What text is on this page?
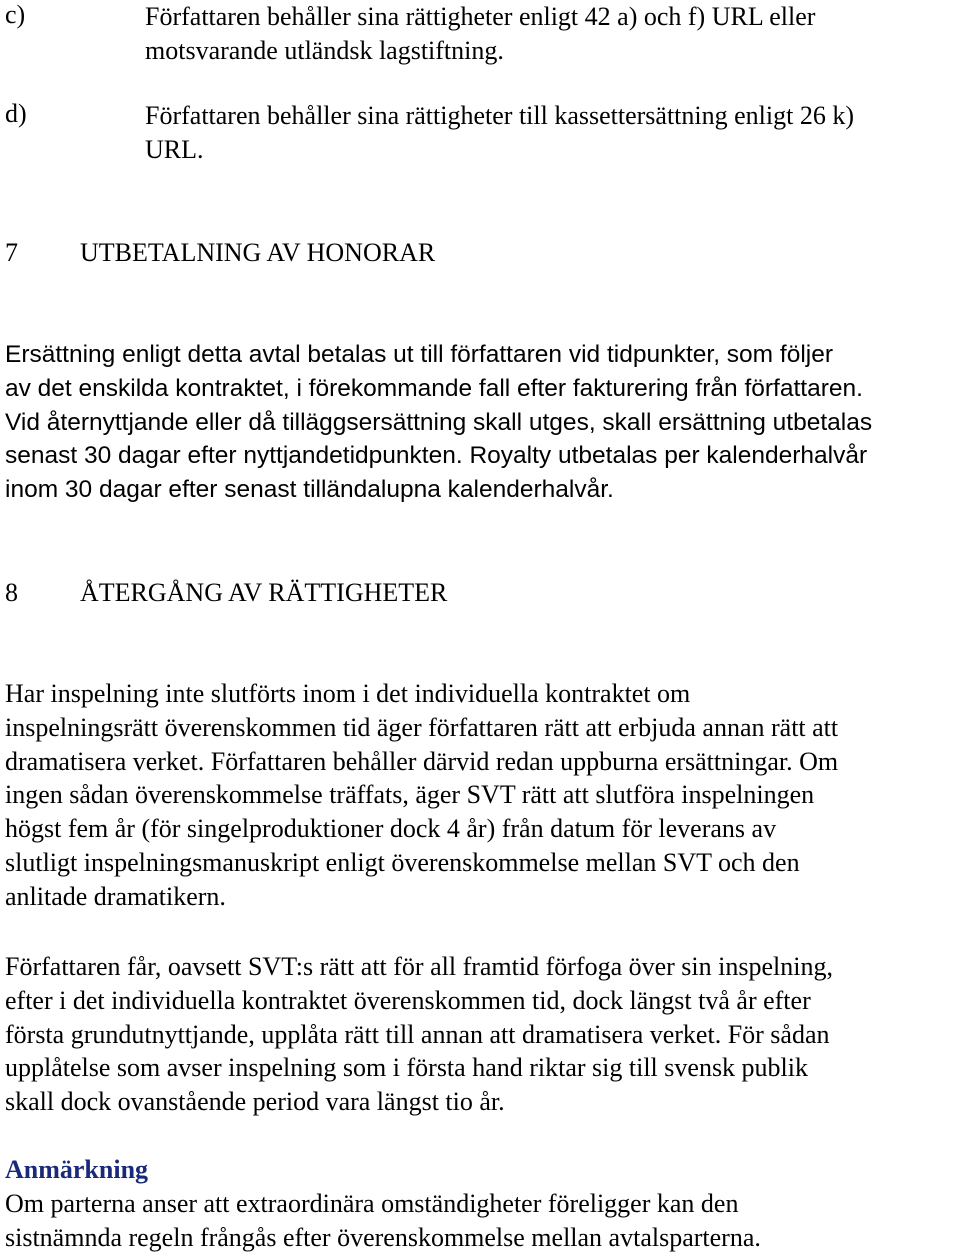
c)	Författaren behåller sina rättigheter enligt 42 a) och f) URL eller
motsvarande utländsk lagstiftning.
d)	Författaren behåller sina rättigheter till kassettersättning enligt 26 k)
URL.
7 UTBETALNING AV HONORAR
Ersättning enligt detta avtal betalas ut till författaren vid tidpunkter, som följer
av det enskilda kontraktet, i förekommande fall efter fakturering från författaren.
Vid åternyttjande eller då tilläggsersättning skall utges, skall ersättning utbetalas
senast 30 dagar efter nyttjandetidpunkten. Royalty utbetalas per kalenderhalvår
inom 30 dagar efter senast tilländalupna kalenderhalvår.
8 ÅTERGÅNG AV RÄTTIGHETER
Har inspelning inte slutförts inom i det individuella kontraktet om
inspelningsrätt överenskommen tid äger författaren rätt att erbjuda annan rätt att
dramatisera verket. Författaren behåller därvid redan uppburna ersättningar. Om
ingen sådan överenskommelse träffats, äger SVT rätt att slutföra inspelningen
högst fem år (för singelproduktioner dock 4 år) från datum för leverans av
slutligt inspelningsmanuskript enligt överenskommelse mellan SVT och den
anlitade dramatikern.
Författaren får, oavsett SVT:s rätt att för all framtid förfoga över sin inspelning,
efter i det individuella kontraktet överenskommen tid, dock längst två år efter
första grundutnyttjande, upplåta rätt till annan att dramatisera verket. För sådan
upplåtelse som avser inspelning som i första hand riktar sig till svensk publik
skall dock ovanstående period vara längst tio år.
Anmärkning
Om parterna anser att extraordinära omständigheter föreligger kan den
sistnämnda regeln frångås efter överenskommelse mellan avtalsparterna.
